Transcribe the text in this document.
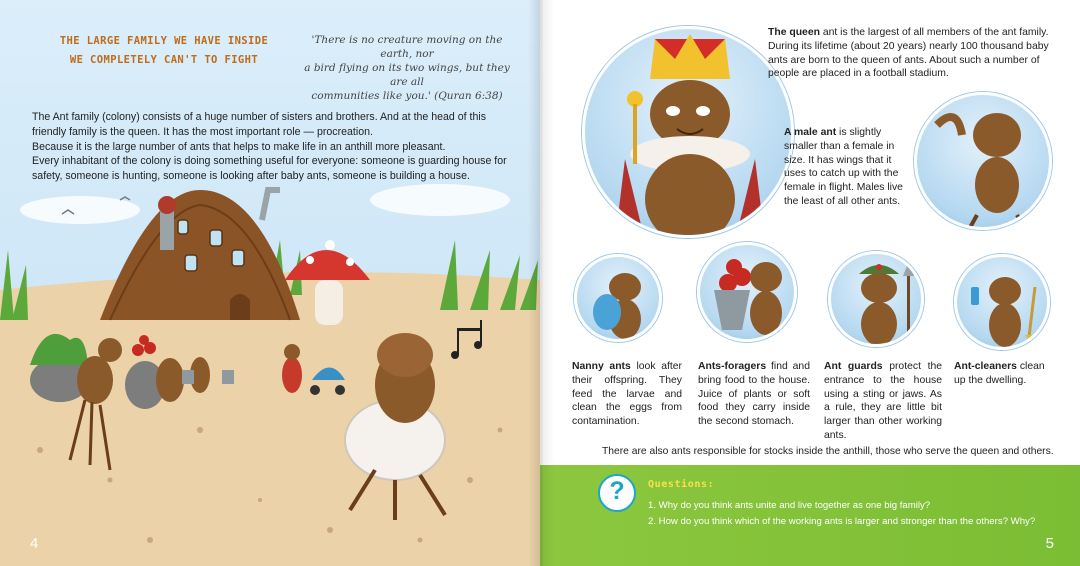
THE LARGE FAMILY WE HAVE INSIDE
WE COMPLETELY CAN'T TO FIGHT
'There is no creature moving on the earth, nor
a bird flying on its two wings, but they are all
communities like you.' (Quran 6:38)

The Ant family (colony) consists of a huge number of sisters and brothers. And at the head of this friendly family is the queen. It has the most important role — procreation.

Because it is the large number of ants that helps to make life in an anthill more pleasant.

Every inhabitant of the colony is doing something useful for everyone: someone is guarding house for safety, someone is hunting, someone is looking after baby ants, someone is building a house.

4
The queen ant is the largest of all members of the ant family. During its lifetime (about 20 years) nearly 100 thousand baby ants are born to the queen of ants. About such a number of people are placed in a football stadium.
A male ant is slightly smaller than a female in size. It has wings that it uses to catch up with the female in flight. Males live the least of all other ants.
Nanny ants look after their offspring. They feed the larvae and clean the eggs from contamination.
Ants-foragers find and bring food to the house. Juice of plants or soft food they carry inside the second stomach.
Ant guards protect the entrance to the house using a sting or jaws. As a rule, they are little bit larger than other working ants.
Ant-cleaners clean up the dwelling.
There are also ants responsible for stocks inside the anthill, those who serve the queen and others.
?	Questions:
1. Why do you think ants unite and live together as one big family?
2. How do you think which of the working ants is larger and stronger than the others? Why?
5
